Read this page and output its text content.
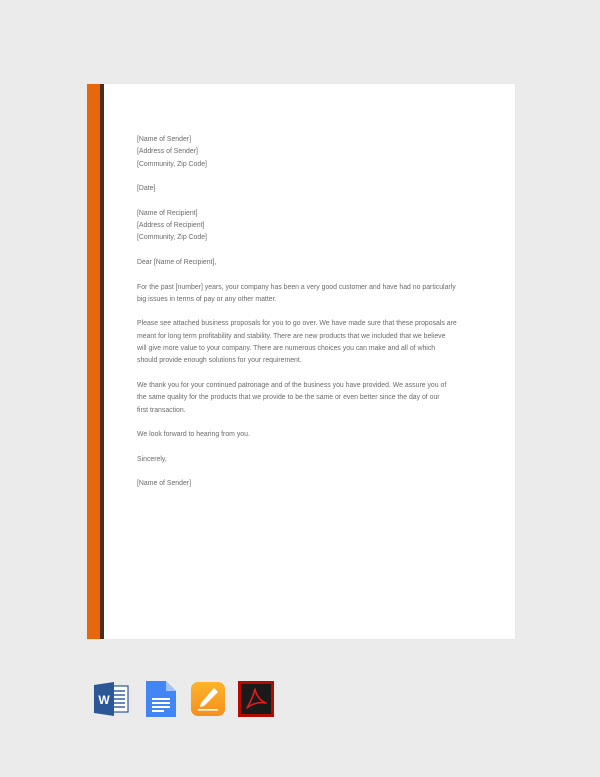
[Name of Sender]
[Address of Sender]
[Community, Zip Code]
[Date]
[Name of Recipient]
[Address of Recipient]
[Community, Zip Code]
Dear [Name of Recipient],
For the past [number] years, your company has been a very good customer and have had no particularly
big issues in terms of pay or any other matter.
Please see attached business proposals for you to go over. We have made sure that these proposals are
meant for long term profitability and stability. There are new products that we included that we believe
will give more value to your company. There are numerous choices you can make and all of which
should provide enough solutions for your requirement.
We thank you for your continued patronage and of the business you have provided. We assure you of
the same quality for the products that we provide to be the same or even better since the day of our
first transaction.
We look forward to hearing from you.
Sincerely,
[Name of Sender]
W
